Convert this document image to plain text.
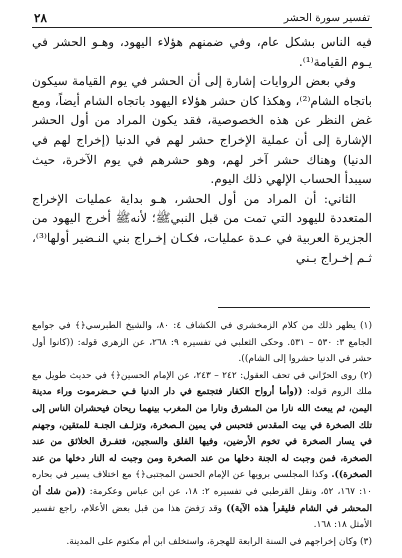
تفسير سورة الحشر
٢٨

فيه الناس بشكل عام، وفي ضمنهم هؤلاء اليهود، وهـو الحشر في يـوم القيامة⁽¹⁾.

وفي بعض الروايات إشارة إلى أن الحشر في يوم القيامة سيكون باتجاه الشام⁽²⁾، وهكذا كان حشر هؤلاء اليهود باتجاه الشام أيضاً، ومع غض النظر عن هذه الخصوصية، فقد يكون المراد من أول الحشر الإشارة إلى أن عملية الإخراج حشر لهم في الدنيا (إخراج لهم في الدنيا) وهناك حشر آخر لهم، وهو حشرهم في يوم الآخرة، حيث سيبدأ الحساب الإلهي ذلك اليوم.

الثاني: أن المراد من أول الحشر، هـو بداية عمليات الإخراج المتعددة لليهود التي تمت من قبل النبيﷺ؛ لأنهﷺ أخرج اليهود من الجزيرة العربية في عـدة عمليات، فكـان إخـراج بني النـضير أولها⁽³⁾، ثـم إخـراج بـني

(١) يظهر ذلك من كلام الزمخشري في الكشاف ٤: ٨٠، والشيخ الطبرسي﴿﴾ في جوامع الجامع ٣: ٥٣٠ – ٥٣١. وحكى الثعلبي في تفسيره ٩: ٢٦٨، عن الزهري قوله: ((كانوا أول حشر في الدنيا حشروا إلى الشام)).

(٢) روى الحرّاني في تحف العقول: ٢٤٢ – ٢٤٣، عن الإمام الحسين﴿﴾ في حديث طويل مع ملك الروم قوله: ((وأما أرواح الكفار فتجتمع في دار الدنيا فـي حـضرموت وراء مدينة اليمن، ثم يبعث الله نارا من المشرق ونارا من المغرب بينهما ريحان فيحشران الناس إلى تلك الصخرة في بيت المقدس فتحبس في يمين الـصخرة، وتزلـف الجنـة للمتقين، وجهنم في يسار الصخرة في تخوم الأرضين، وفيها الفلق والسجين، فتفـرق الخلائق من عند الصخرة، فمن وجبت له الجنة دخلها من عند الصخرة ومن وجبت له النار دخلها من عند الصخرة)). وكذا المجلسي برويها عن الإمام الحسن المجتبى﴿﴾ مع اختلاف يسير في بحاره ١٠: ١٦٧، ٥٢، ونقل القرطبي في تفسيره ٢: ١٨، عن ابن عباس وعكرمة: ((من شك أن المحشر في الشام فليقرأ هذه الآية)) وقد رَفضَ هذا من قبل بعض الأعلام، راجع تفسير الأمثل ١٨: ١٦٨.

(٣) وكان إخراجهم في السنة الرابعة للهجرة، واستخلف ابن أم مكتوم على المدينة.
